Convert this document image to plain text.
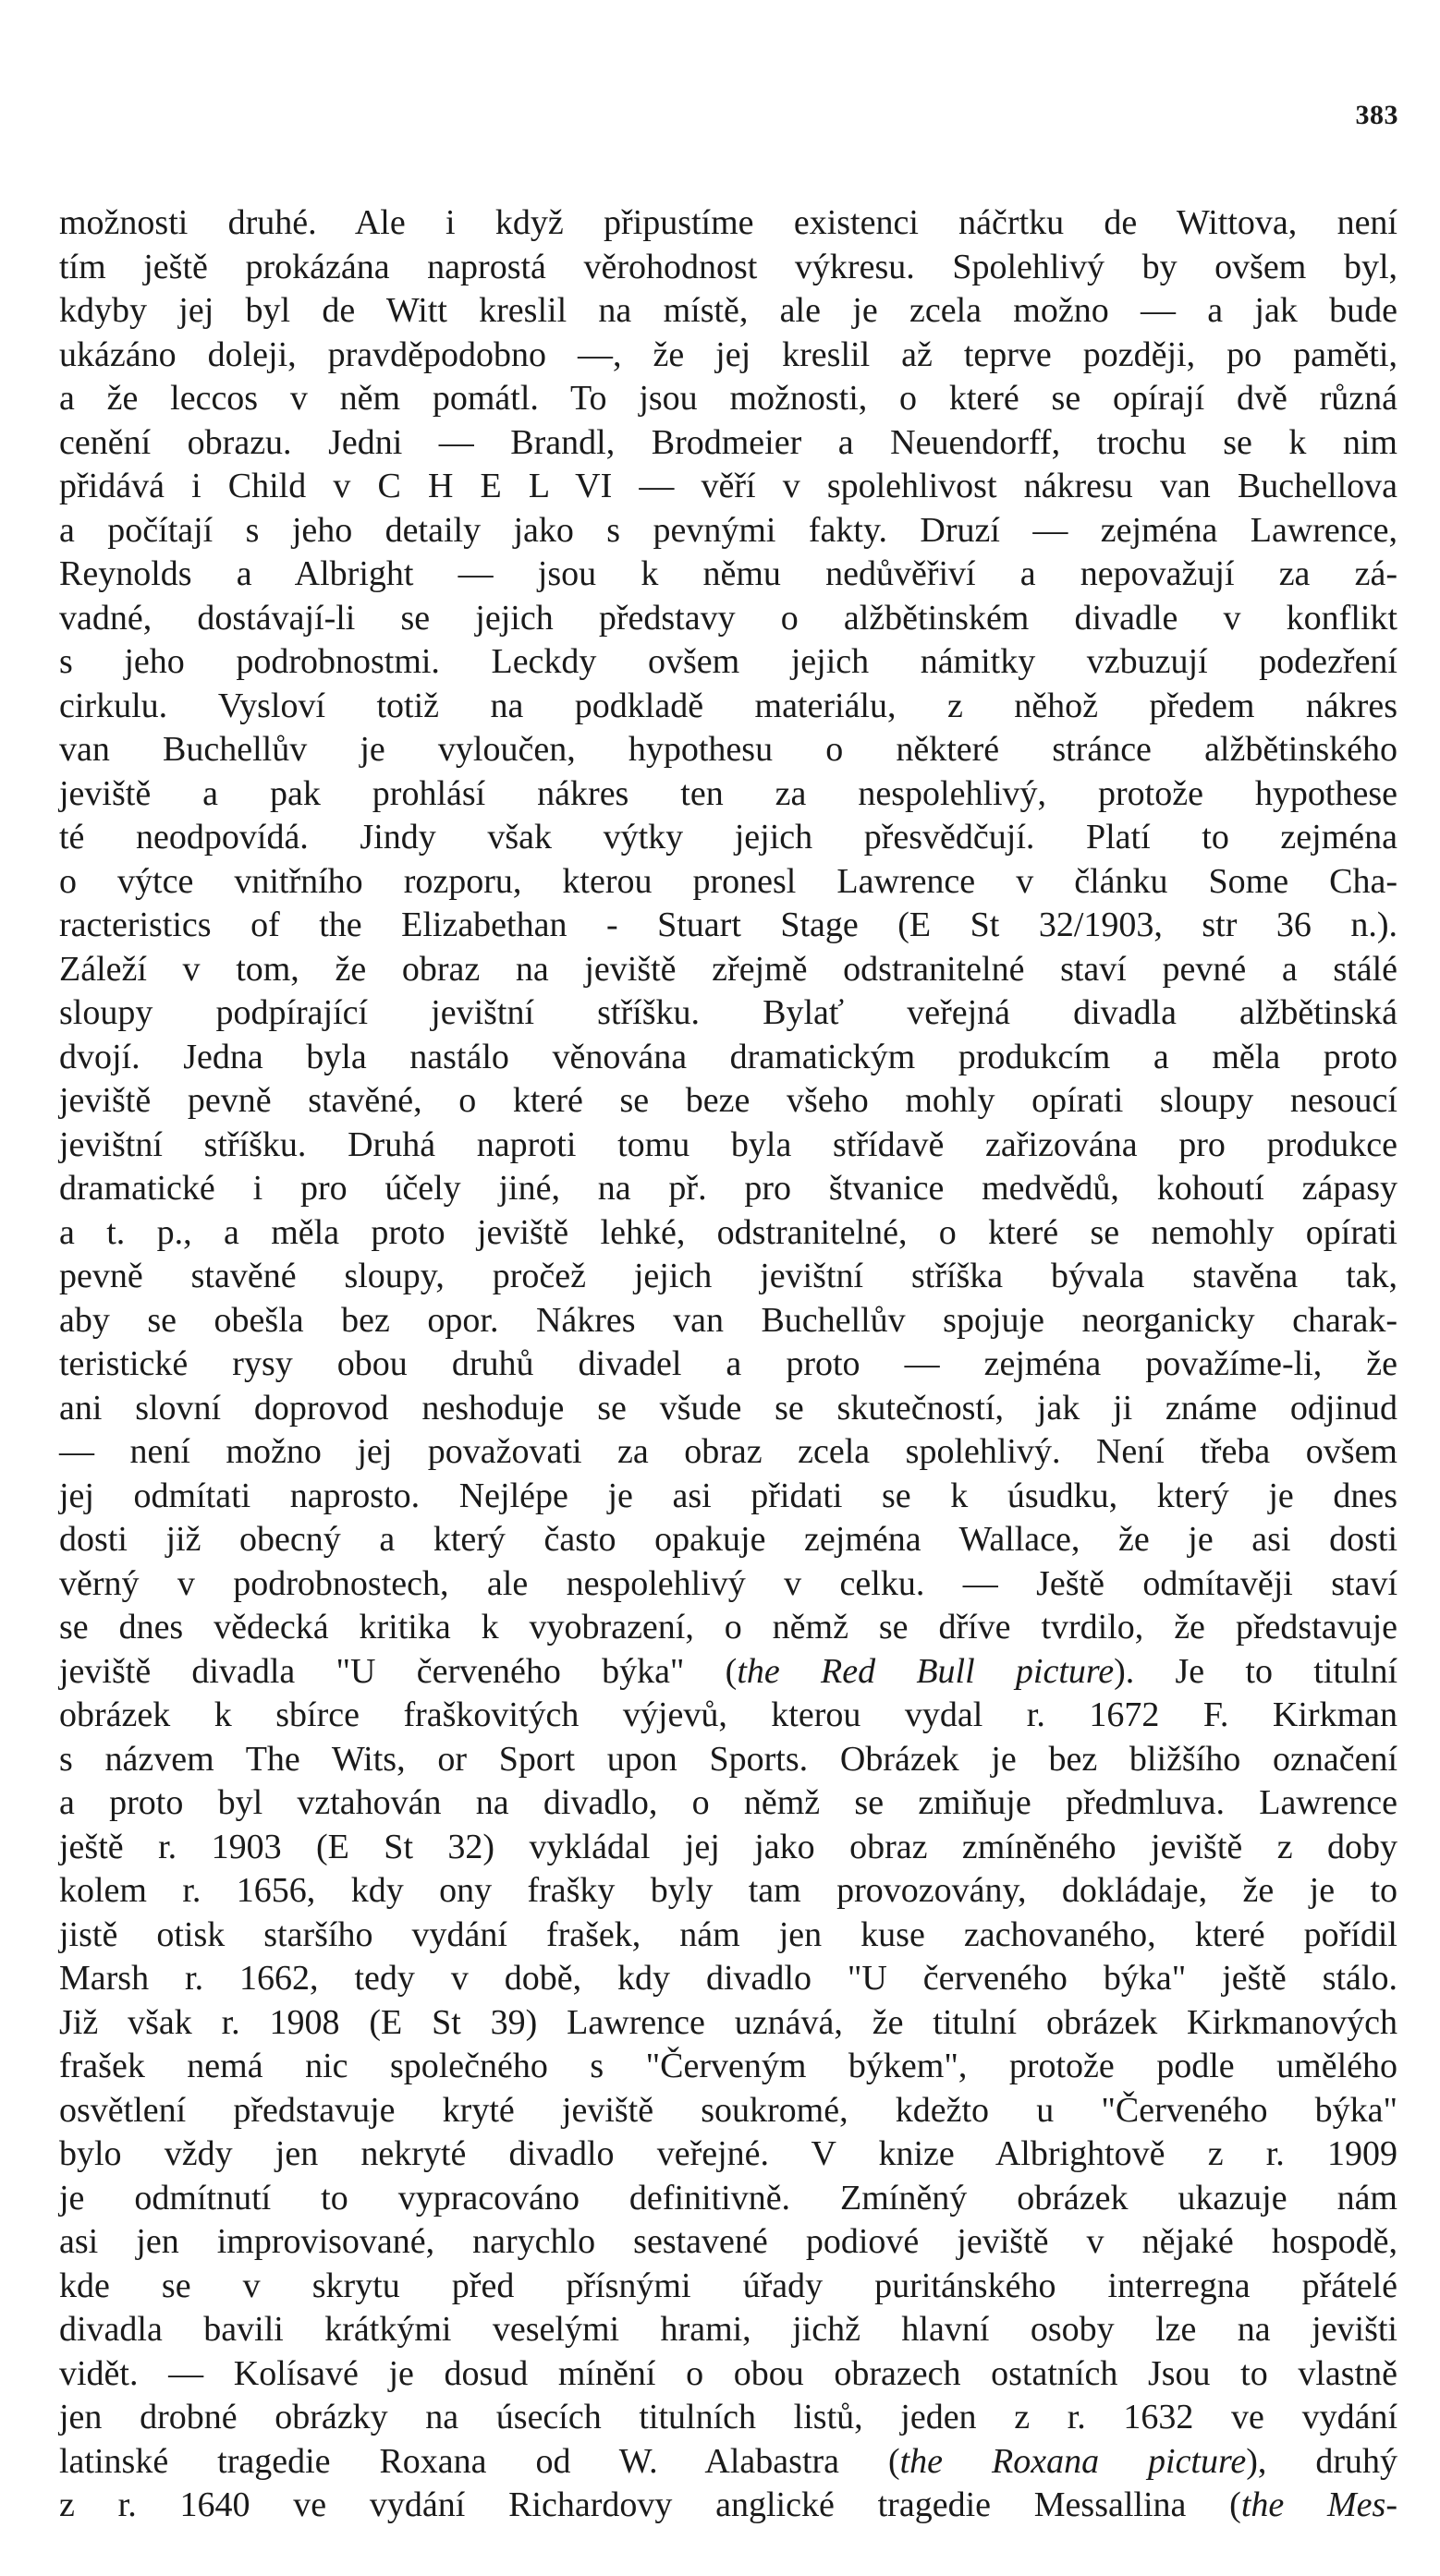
383
možnosti druhé. Ale i když připustíme existenci náčrtku de Wittova, není
tím ještě prokázána naprostá věrohodnost výkresu. Spolehlivý by ovšem byl,
kdyby jej byl de Witt kreslil na místě, ale je zcela možno — a jak bude
ukázáno doleji, pravděpodobno —, že jej kreslil až teprve později, po paměti,
a že leccos v něm pomátl. To jsou možnosti, o které se opírají dvě různá
cenění obrazu. Jedni — Brandl, Brodmeier a Neuendorff, trochu se k nim
přidává i Child v C H E L VI — věří v spolehlivost nákresu van Buchellova
a počítají s jeho detaily jako s pevnými fakty. Druzí — zejména Lawrence,
Reynolds a Albright — jsou k němu nedůvěřiví a nepovažují za zá-
vadné, dostávají-li se jejich představy o alžbětinském divadle v konflikt
s jeho podrobnostmi. Leckdy ovšem jejich námitky vzbuzují podezření
cirkulu. Vysloví totiž na podkladě materiálu, z něhož předem nákres
van Buchellův je vyloučen, hypothesu o některé stránce alžbětinského
jeviště a pak prohlásí nákres ten za nespolehlivý, protože hypothese
té neodpovídá. Jindy však výtky jejich přesvědčují. Platí to zejména
o výtce vnitřního rozporu, kterou pronesl Lawrence v článku Some Cha-
racteristics of the Elizabethan - Stuart Stage (E St 32/1903, str 36 n.).
Záleží v tom, že obraz na jeviště zřejmě odstranitelné staví pevné a stálé
sloupy podpírající jevištní stříšku. Bylať veřejná divadla alžbětinská
dvojí. Jedna byla nastálo věnována dramatickým produkcím a měla proto
jeviště pevně stavěné, o které se beze všeho mohly opírati sloupy nesoucí
jevištní stříšku. Druhá naproti tomu byla střídavě zařizována pro produkce
dramatické i pro účely jiné, na př. pro štvanice medvědů, kohoutí zápasy
a t. p., a měla proto jeviště lehké, odstranitelné, o které se nemohly opírati
pevně stavěné sloupy, pročež jejich jevištní stříška bývala stavěna tak,
aby se obešla bez opor. Nákres van Buchellův spojuje neorganicky charak-
teristické rysy obou druhů divadel a proto — zejména považíme-li, že
ani slovní doprovod neshoduje se všude se skutečností, jak ji známe odjinud
— není možno jej považovati za obraz zcela spolehlivý. Není třeba ovšem
jej odmítati naprosto. Nejlépe je asi přidati se k úsudku, který je dnes
dosti již obecný a který často opakuje zejména Wallace, že je asi dosti
věrný v podrobnostech, ale nespolehlivý v celku. — Ještě odmítavěji staví
se dnes vědecká kritika k vyobrazení, o němž se dříve tvrdilo, že představuje
jeviště divadla "U červeného býka" (the Red Bull picture). Je to titulní
obrázek k sbírce fraškovitých výjevů, kterou vydal r. 1672 F. Kirkman
s názvem The Wits, or Sport upon Sports. Obrázek je bez bližšího označení
a proto byl vztahován na divadlo, o němž se zmiňuje předmluva. Lawrence
ještě r. 1903 (E St 32) vykládal jej jako obraz zmíněného jeviště z doby
kolem r. 1656, kdy ony frašky byly tam provozovány, dokládaje, že je to
jistě otisk staršího vydání frašek, nám jen kuse zachovaného, které pořídil
Marsh r. 1662, tedy v době, kdy divadlo "U červeného býka" ještě stálo.
Již však r. 1908 (E St 39) Lawrence uznává, že titulní obrázek Kirkmanových
frašek nemá nic společného s "Červeným býkem", protože podle umělého
osvětlení představuje kryté jeviště soukromé, kdežto u "Červeného býka"
bylo vždy jen nekryté divadlo veřejné. V knize Albrightově z r. 1909
je odmítnutí to vypracováno definitivně. Zmíněný obrázek ukazuje nám
asi jen improvisované, narychlo sestavené podiové jeviště v nějaké hospodě,
kde se v skrytu před přísnými úřady puritánského interregna přátelé
divadla bavili krátkými veselými hrami, jichž hlavní osoby lze na jevišti
vidět. — Kolísavé je dosud mínění o obou obrazech ostatních Jsou to vlastně
jen drobné obrázky na úsecích titulních listů, jeden z r. 1632 ve vydání
latinské tragedie Roxana od W. Alabastra (the Roxana picture), druhý
z r. 1640 ve vydání Richardovy anglické tragedie Messallina (the Mes-
